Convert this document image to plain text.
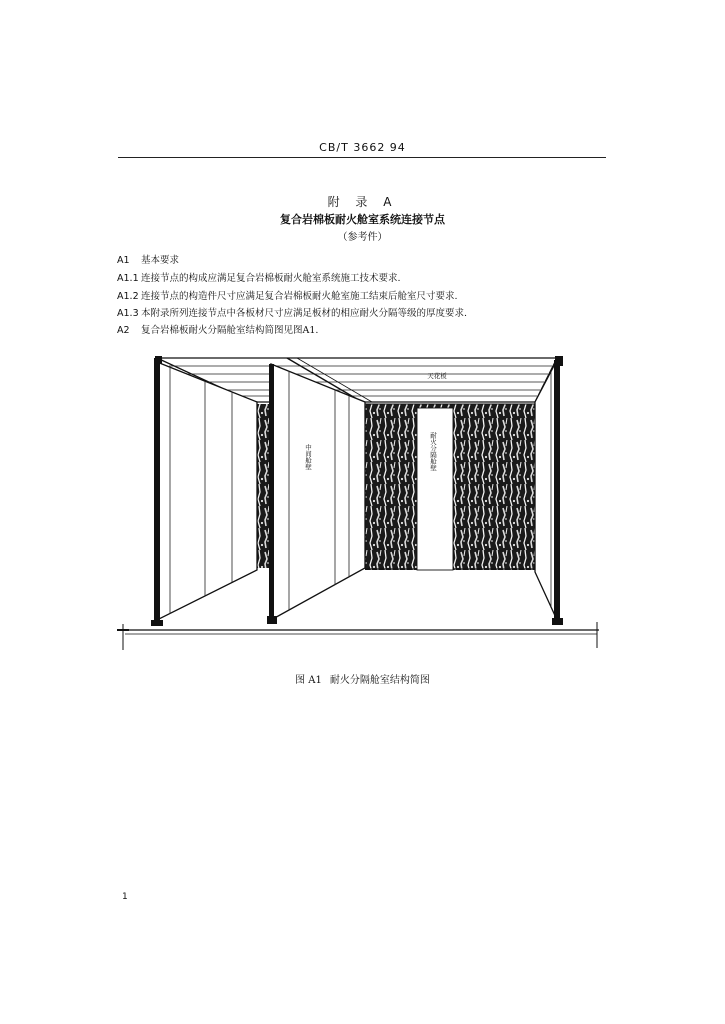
CB/T 3662 94
附 录 A
复合岩棉板耐火舱室系统连接节点
（参考件）
A1 基本要求
A1.1 连接节点的构成应满足复合岩棉板耐火舱室系统施工技术要求.
A1.2 连接节点的构造件尺寸应满足复合岩棉板耐火舱室施工结束后舱室尺寸要求.
A1.3 本附录所列连接节点中各板材尺寸应满足板材的相应耐火分隔等级的厚度要求.
A2 复合岩棉板耐火分隔舱室结构简图见图A1.
天花板
耐火分隔舱壁
中间舱壁
图 A1 耐火分隔舱室结构简图
1
